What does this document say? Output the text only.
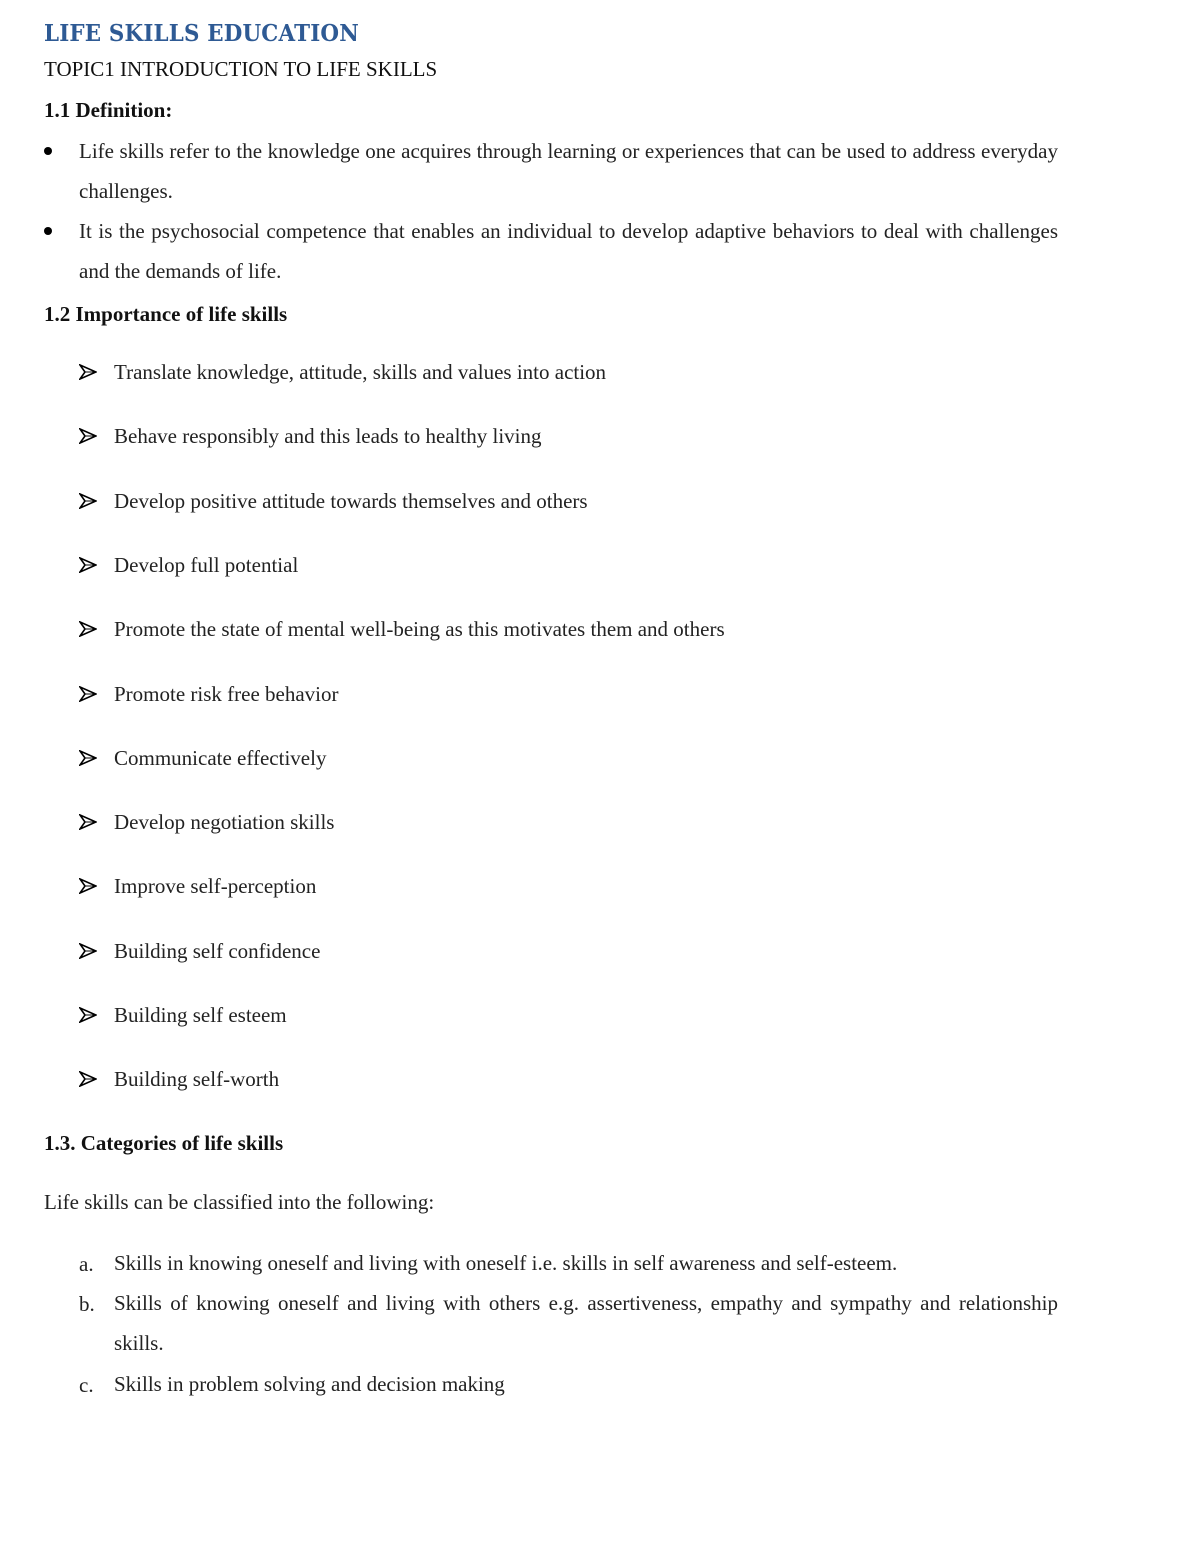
LIFE SKILLS EDUCATION
TOPIC1 INTRODUCTION TO LIFE SKILLS
1.1 Definition:
Life skills refer to the knowledge one acquires through learning or experiences that can be used to address everyday challenges.
It is the psychosocial competence that enables an individual to develop adaptive behaviors to deal with challenges and the demands of life.
1.2 Importance of life skills
Translate knowledge, attitude, skills and values into action
Behave responsibly and this leads to healthy living
Develop positive attitude towards themselves and others
Develop full potential
Promote the state of mental well-being as this motivates them and others
Promote risk free behavior
Communicate effectively
Develop negotiation skills
Improve self-perception
Building self confidence
Building self esteem
Building self-worth
1.3. Categories of life skills
Life skills can be classified into the following:
a. Skills in knowing oneself and living with oneself i.e. skills in self awareness and self-esteem.
b. Skills of knowing oneself and living with others e.g. assertiveness, empathy and sympathy and relationship skills.
c. Skills in problem solving and decision making
